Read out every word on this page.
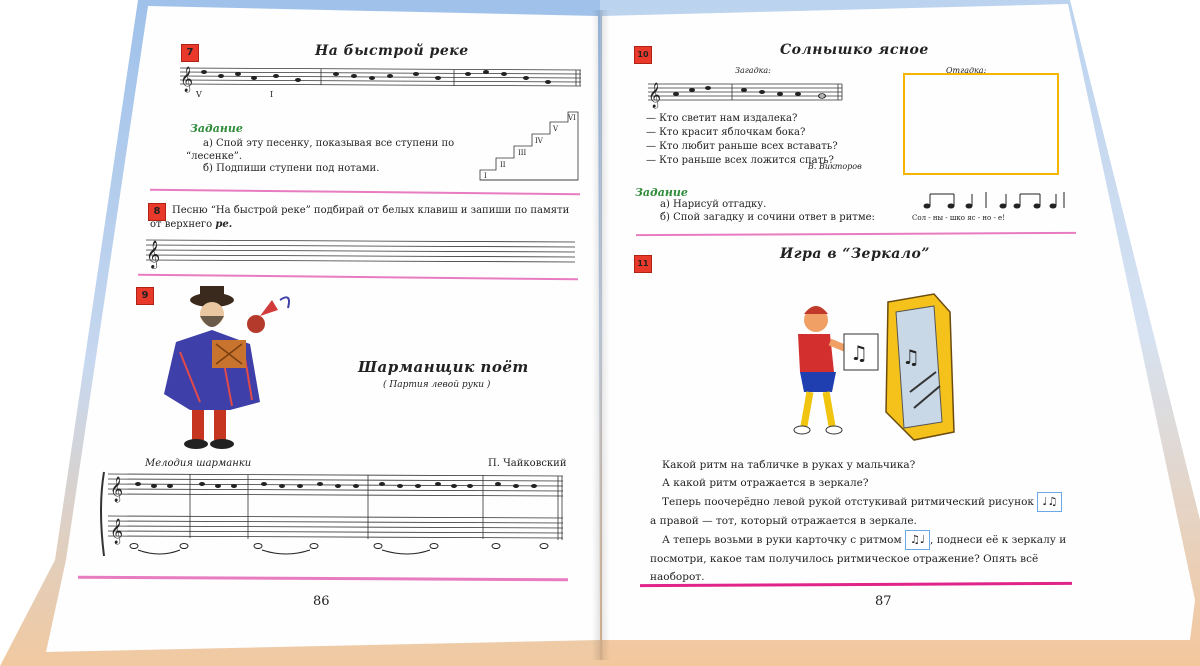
7	На быстрой реке
𝄞
V	I
Задание
а) Спой эту песенку, показывая все ступени по
“лесенке”.
б) Подпиши ступени под нотами.
I
II
III
IV
V
VI
8	Песню “На быстрой реке” подбирай от белых клавиш и запиши по памяти
от верхнего ре.
𝄞
9
Шарманщик поёт
( Партия левой руки )
Мелодия шарманки	П. Чайковский
𝄞
𝄞
86
10	Солнышко ясное
Загадка:	Отгадка:
𝄞
— Кто светит нам издалека?
— Кто красит яблочкам бока?
— Кто любит раньше всех вставать?
— Кто раньше всех ложится спать?
В. Викторов
Задание
а) Нарисуй отгадку.
б) Спой загадку и сочини ответ в ритме:	Сол - ны - шко яс - но - е!
11
Игра в “Зеркало”
♫ ♫
Какой ритм на табличке в руках у мальчика?
А какой ритм отражается в зеркале?
Теперь поочерёдно левой рукой отстукивай ритмический рисунок ♩♫
а правой — тот, который отражается в зеркале.
А теперь возьми в руки карточку с ритмом ♫♩ , поднеси её к зеркалу и
посмотри, какое там получилось ритмическое отражение? Опять всё
наоборот.
87
